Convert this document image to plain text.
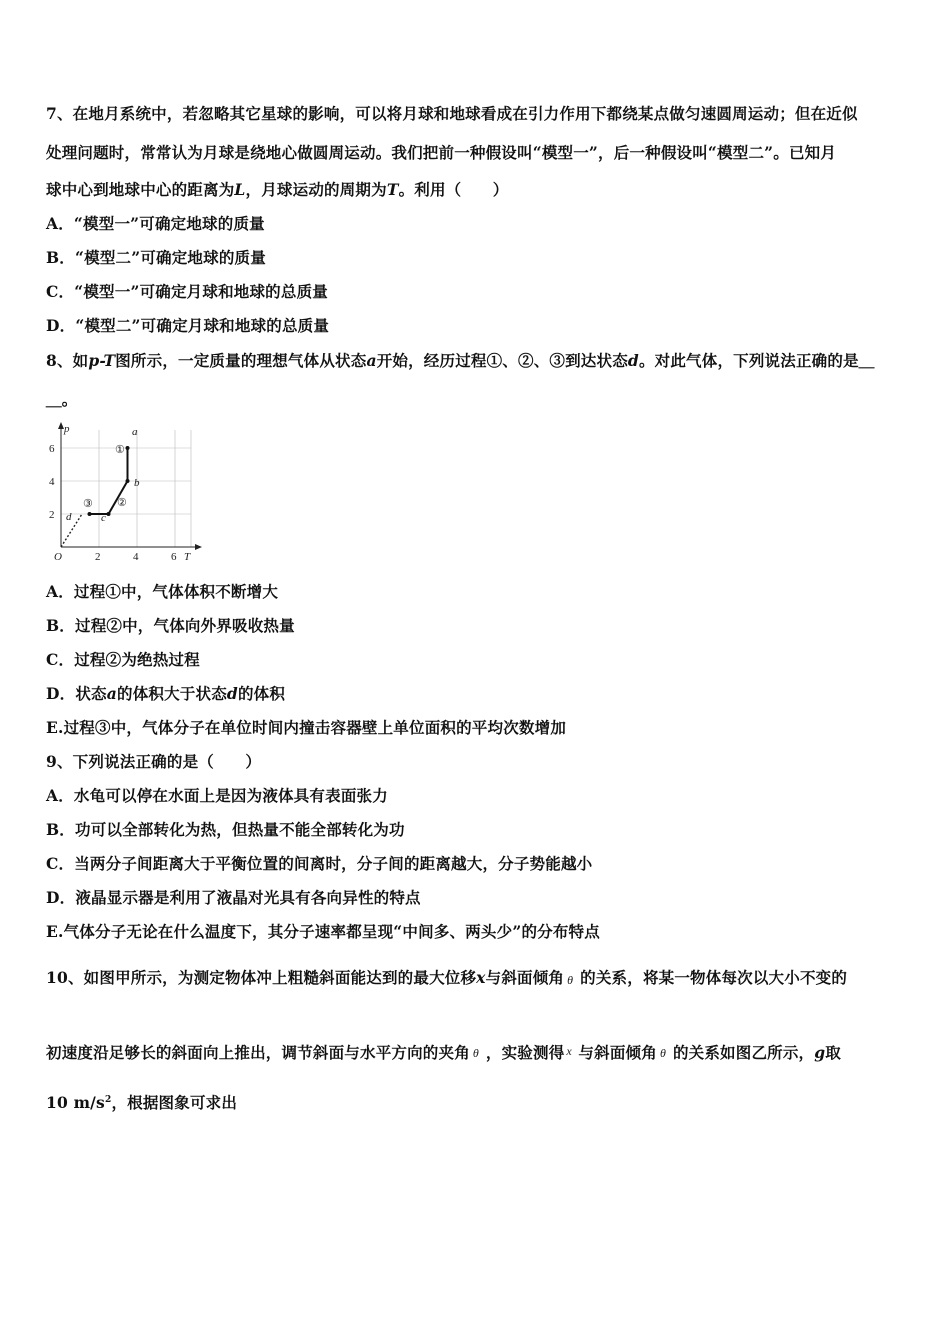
7、在地月系统中，若忽略其它星球的影响，可以将月球和地球看成在引力作用下都绕某点做匀速圆周运动；但在近似
处理问题时，常常认为月球是绕地心做圆周运动。我们把前一种假设叫“模型一”，后一种假设叫“模型二”。已知月
球中心到地球中心的距离为L，月球运动的周期为T。利用（　　）
A．“模型一”可确定地球的质量
B．“模型二”可确定地球的质量
C．“模型一”可确定月球和地球的总质量
D．“模型二”可确定月球和地球的总质量
8、如p-T图所示，一定质量的理想气体从状态a开始，经历过程①、②、③到达状态d。对此气体，下列说法正确的是＿
＿。
p
T
O
6
4
2
2	4	6
a
b
c
d
①
②
③
A．过程①中，气体体积不断增大
B．过程②中，气体向外界吸收热量
C．过程②为绝热过程
D．状态a的体积大于状态d的体积
E.过程③中，气体分子在单位时间内撞击容器壁上单位面积的平均次数增加
9、下列说法正确的是（　　）
A．水龟可以停在水面上是因为液体具有表面张力
B．功可以全部转化为热，但热量不能全部转化为功
C．当两分子间距离大于平衡位置的间离时，分子间的距离越大，分子势能越小
D．液晶显示器是利用了液晶对光具有各向异性的特点
E.气体分子无论在什么温度下，其分子速率都呈现“中间多、两头少”的分布特点
10、如图甲所示，为测定物体冲上粗糙斜面能达到的最大位移x与斜面倾角 θ 的关系，将某一物体每次以大小不变的
初速度沿足够长的斜面向上推出，调节斜面与水平方向的夹角 θ ，实验测得 x 与斜面倾角 θ 的关系如图乙所示，g取
10 $m/s^2$，根据图象可求出
